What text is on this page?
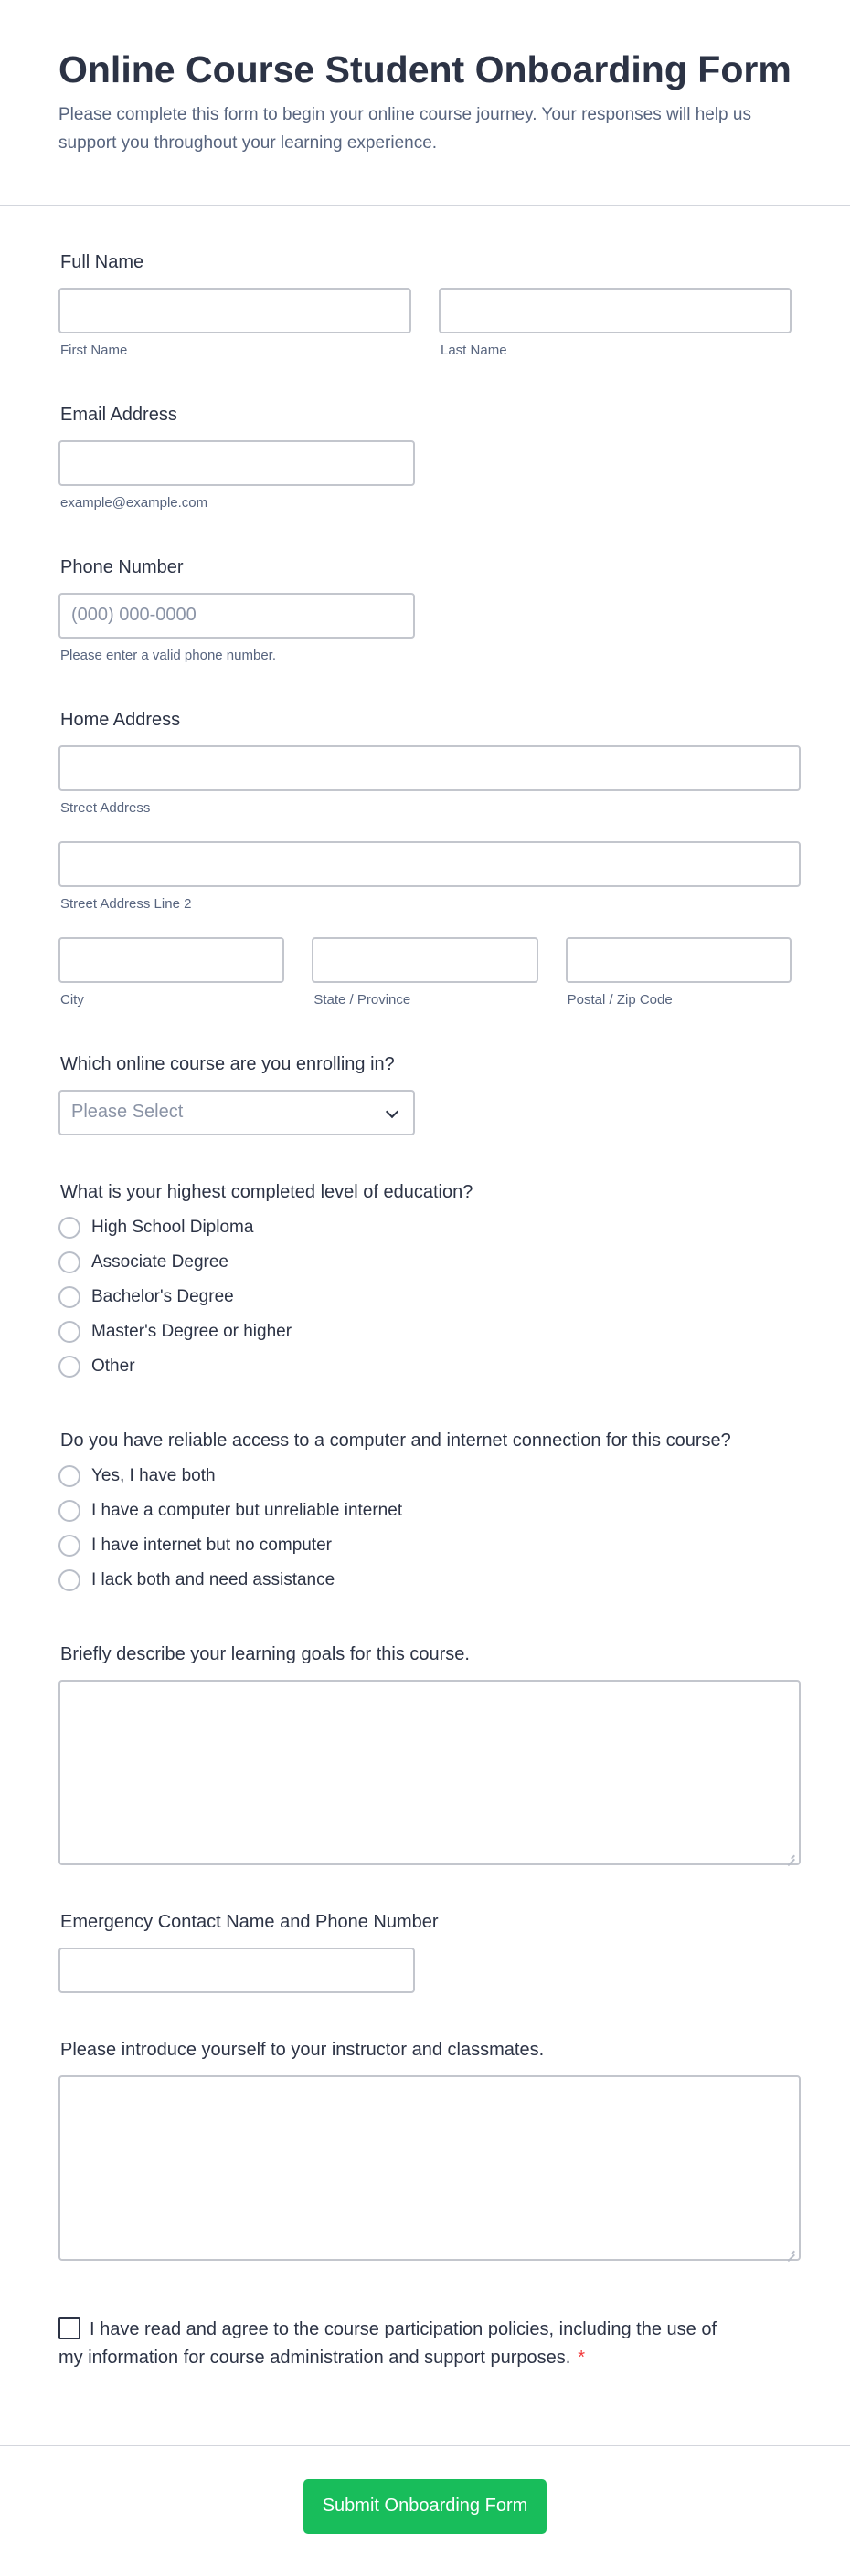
Online Course Student Onboarding Form
Please complete this form to begin your online course journey. Your responses will help us support you throughout your learning experience.
Full Name
First Name	Last Name
Email Address
example@example.com
Phone Number
(000) 000-0000
Please enter a valid phone number.
Home Address
Street Address
Street Address Line 2
City	State / Province	Postal / Zip Code
Which online course are you enrolling in?
Please Select
What is your highest completed level of education?
High School Diploma
Associate Degree
Bachelor's Degree
Master's Degree or higher
Other
Do you have reliable access to a computer and internet connection for this course?
Yes, I have both
I have a computer but unreliable internet
I have internet but no computer
I lack both and need assistance
Briefly describe your learning goals for this course.
Emergency Contact Name and Phone Number
Please introduce yourself to your instructor and classmates.
I have read and agree to the course participation policies, including the use of my information for course administration and support purposes. *
Submit Onboarding Form
